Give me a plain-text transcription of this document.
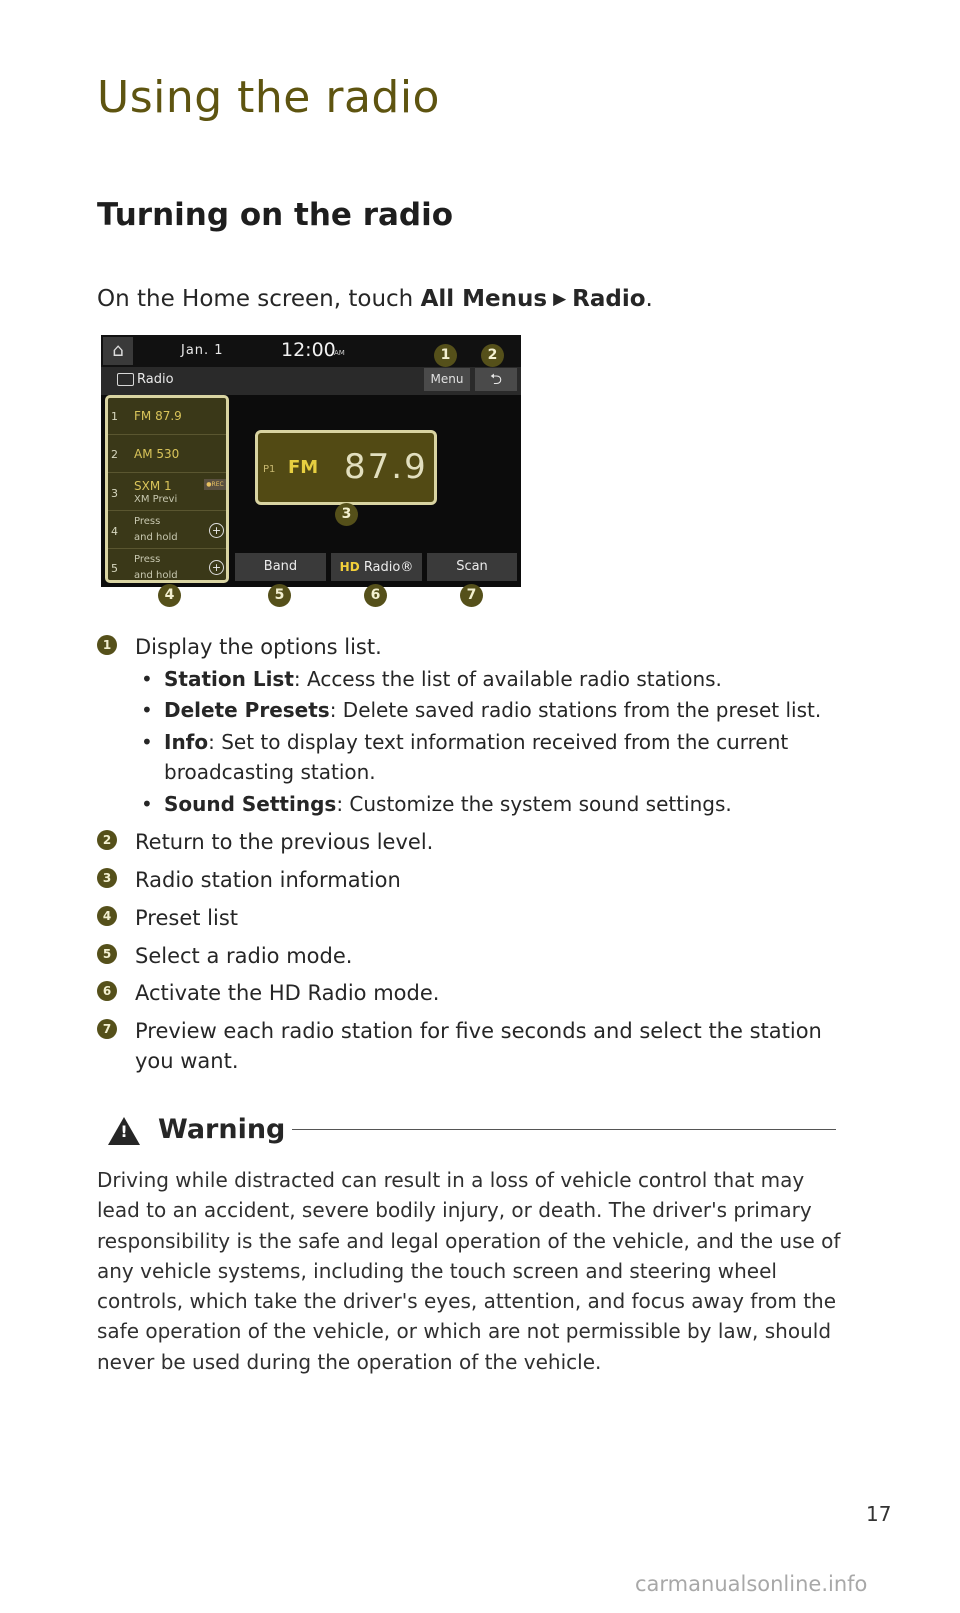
Using the radio
Turning on the radio
On the Home screen, touch All Menus ▶ Radio.
⌂	Jan. 1	12:00
AM
Radio	Menu	⮌
1 FM 87.9
2 AM 530
3
SXM 1
XM Previ
●REC
4
Press
and hold
+
5
Press
and hold
+
P1 FM 87.9
Band	HD Radio®	Scan
1	2
3
4	5	6	7
1 Display the options list.
• Station List: Access the list of available radio stations.
• Delete Presets: Delete saved radio stations from the preset list.
• Info: Set to display text information received from the current broadcasting station.
• Sound Settings: Customize the system sound settings.
2 Return to the previous level.
3 Radio station information
4 Preset list
5 Select a radio mode.
6 Activate the HD Radio mode.
7 Preview each radio station for five seconds and select the station you want.
! Warning
Driving while distracted can result in a loss of vehicle control that may lead to an accident, severe bodily injury, or death. The driver's primary responsibility is the safe and legal operation of the vehicle, and the use of any vehicle systems, including the touch screen and steering wheel controls, which take the driver's eyes, attention, and focus away from the safe operation of the vehicle, or which are not permissible by law, should never be used during the operation of the vehicle.
17
carmanualsonline.info
